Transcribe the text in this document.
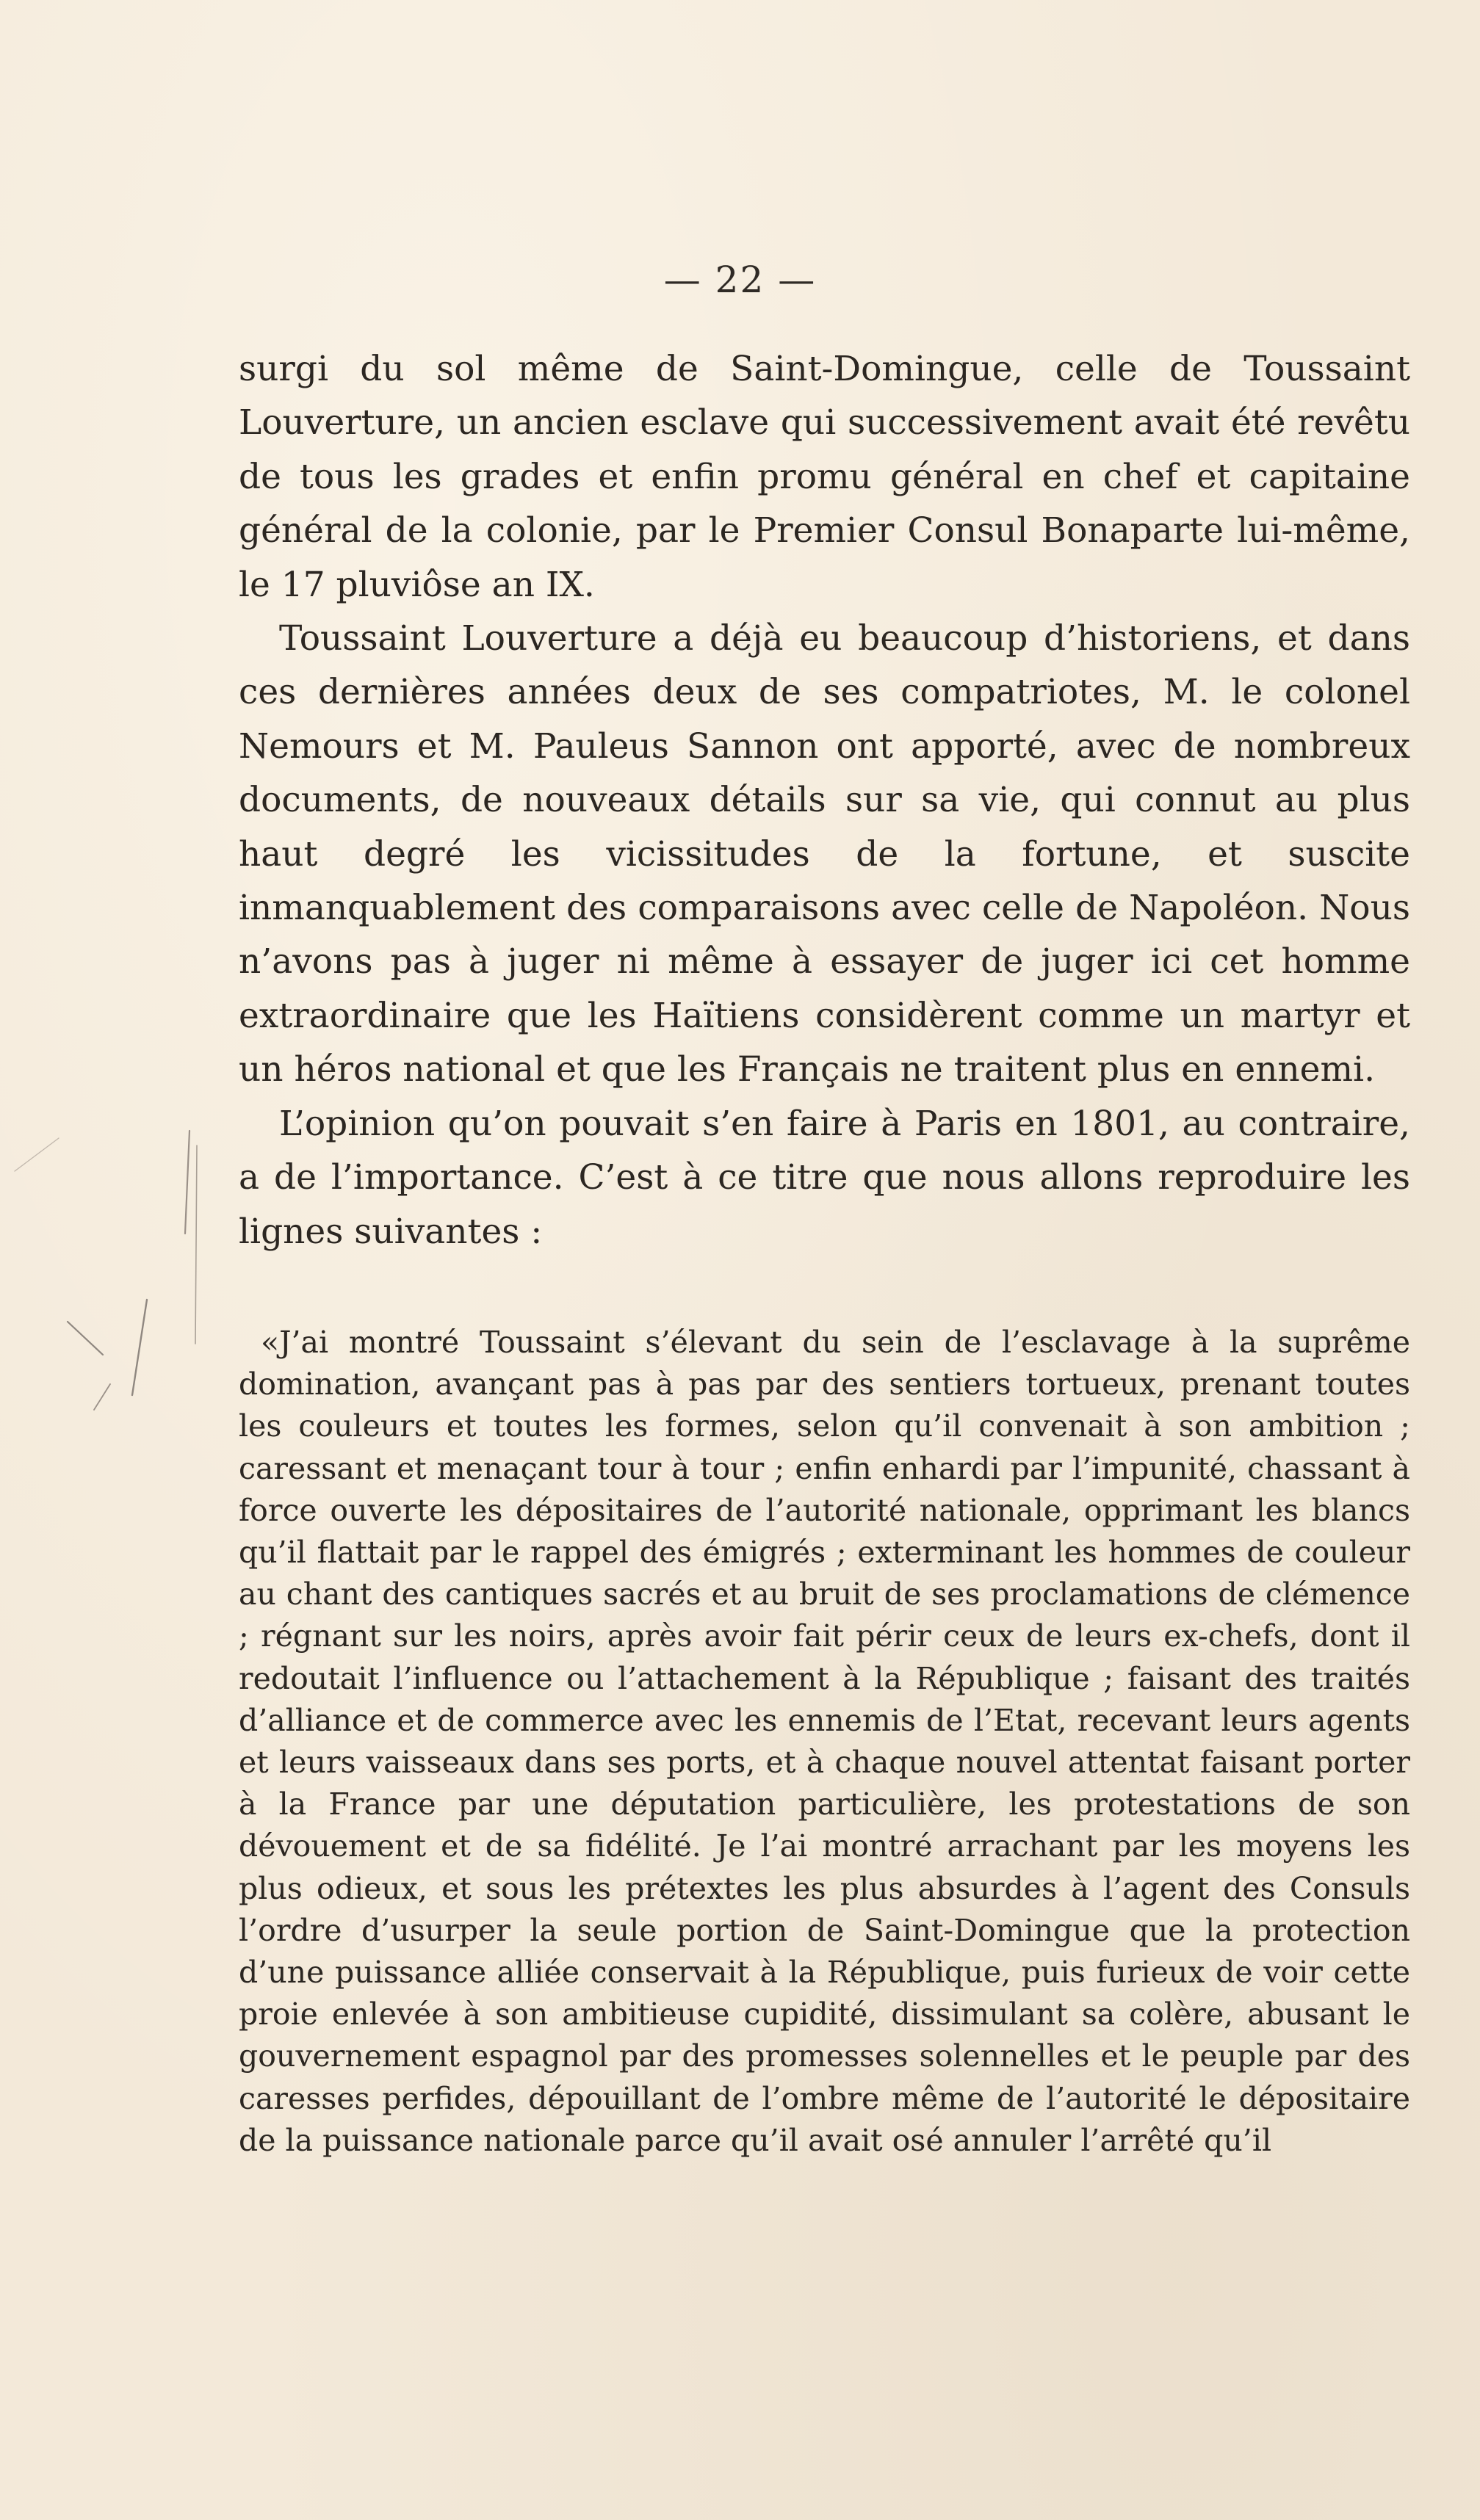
— 22 —

surgi du sol même de Saint-Domingue, celle de Toussaint Louverture, un ancien esclave qui successivement avait été revêtu de tous les grades et enfin promu général en chef et capitaine général de la colonie, par le Premier Consul Bonaparte lui-même, le 17 pluviôse an IX.

Toussaint Louverture a déjà eu beaucoup d’historiens, et dans ces dernières années deux de ses compatriotes, M. le colonel Nemours et M. Pauleus Sannon ont apporté, avec de nombreux documents, de nouveaux détails sur sa vie, qui connut au plus haut degré les vicissitudes de la fortune, et suscite inmanquablement des comparaisons avec celle de Napoléon. Nous n’avons pas à juger ni même à essayer de juger ici cet homme extraordinaire que les Haïtiens considèrent comme un martyr et un héros national et que les Français ne traitent plus en ennemi.

L’opinion qu’on pouvait s’en faire à Paris en 1801, au contraire, a de l’importance. C’est à ce titre que nous allons reproduire les lignes suivantes :

«J’ai montré Toussaint s’élevant du sein de l’esclavage à la suprême domination, avançant pas à pas par des sentiers tortueux, prenant toutes les couleurs et toutes les formes, selon qu’il convenait à son ambition ; caressant et menaçant tour à tour ; enfin enhardi par l’impunité, chassant à force ouverte les dépositaires de l’autorité nationale, opprimant les blancs qu’il flattait par le rappel des émigrés ; exterminant les hommes de couleur au chant des cantiques sacrés et au bruit de ses proclamations de clémence ; régnant sur les noirs, après avoir fait périr ceux de leurs ex-chefs, dont il redoutait l’influence ou l’attachement à la République ; faisant des traités d’alliance et de commerce avec les ennemis de l’Etat, recevant leurs agents et leurs vaisseaux dans ses ports, et à chaque nouvel attentat faisant porter à la France par une députation particulière, les protestations de son dévouement et de sa fidélité. Je l’ai montré arrachant par les moyens les plus odieux, et sous les prétextes les plus absurdes à l’agent des Consuls l’ordre d’usurper la seule portion de Saint-Domingue que la protection d’une puissance alliée conservait à la République, puis furieux de voir cette proie enlevée à son ambitieuse cupidité, dissimulant sa colère, abusant le gouvernement espagnol par des promesses solennelles et le peuple par des caresses perfides, dépouillant de l’ombre même de l’autorité le dépositaire de la puissance nationale parce qu’il avait osé annuler l’arrêté qu’il
